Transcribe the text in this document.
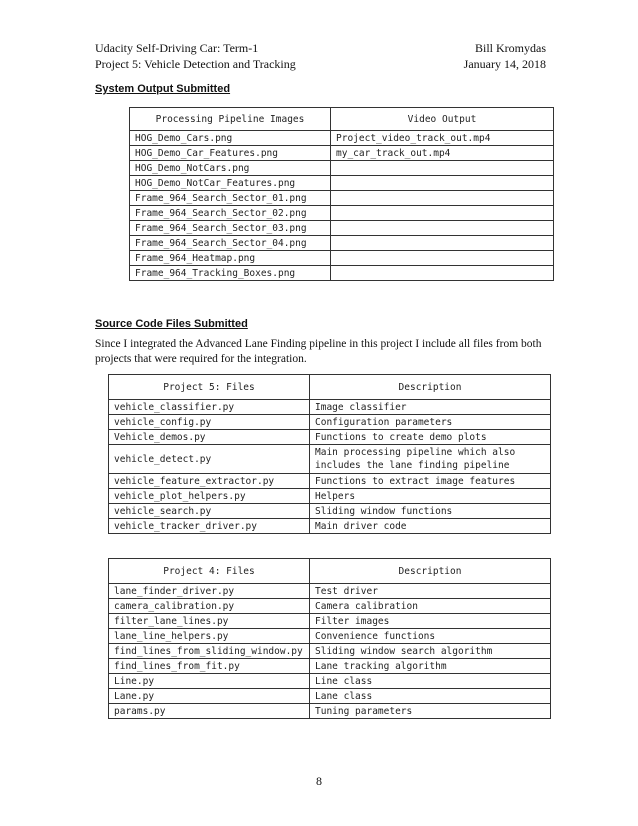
Udacity Self-Driving Car: Term-1
Project 5: Vehicle Detection and Tracking
Bill Kromydas
January 14, 2018
System Output Submitted
Processing Pipeline Images	Video Output
HOG_Demo_Cars.png	Project_video_track_out.mp4
HOG_Demo_Car_Features.png	my_car_track_out.mp4
HOG_Demo_NotCars.png	
HOG_Demo_NotCar_Features.png	
Frame_964_Search_Sector_01.png	
Frame_964_Search_Sector_02.png	
Frame_964_Search_Sector_03.png	
Frame_964_Search_Sector_04.png	
Frame_964_Heatmap.png	
Frame_964_Tracking_Boxes.png	
Source Code Files Submitted
Since I integrated the Advanced Lane Finding pipeline in this project I include all files from both projects that were required for the integration.
Project 5: Files	Description
vehicle_classifier.py	Image classifier
vehicle_config.py	Configuration parameters
Vehicle_demos.py	Functions to create demo plots
vehicle_detect.py	Main processing pipeline which also includes the lane finding pipeline
vehicle_feature_extractor.py	Functions to extract image features
vehicle_plot_helpers.py	Helpers
vehicle_search.py	Sliding window functions
vehicle_tracker_driver.py	Main driver code
Project 4: Files	Description
lane_finder_driver.py	Test driver
camera_calibration.py	Camera calibration
filter_lane_lines.py	Filter images
lane_line_helpers.py	Convenience functions
find_lines_from_sliding_window.py	Sliding window search algorithm
find_lines_from_fit.py	Lane tracking algorithm
Line.py	Line class
Lane.py	Lane class
params.py	Tuning parameters
8
